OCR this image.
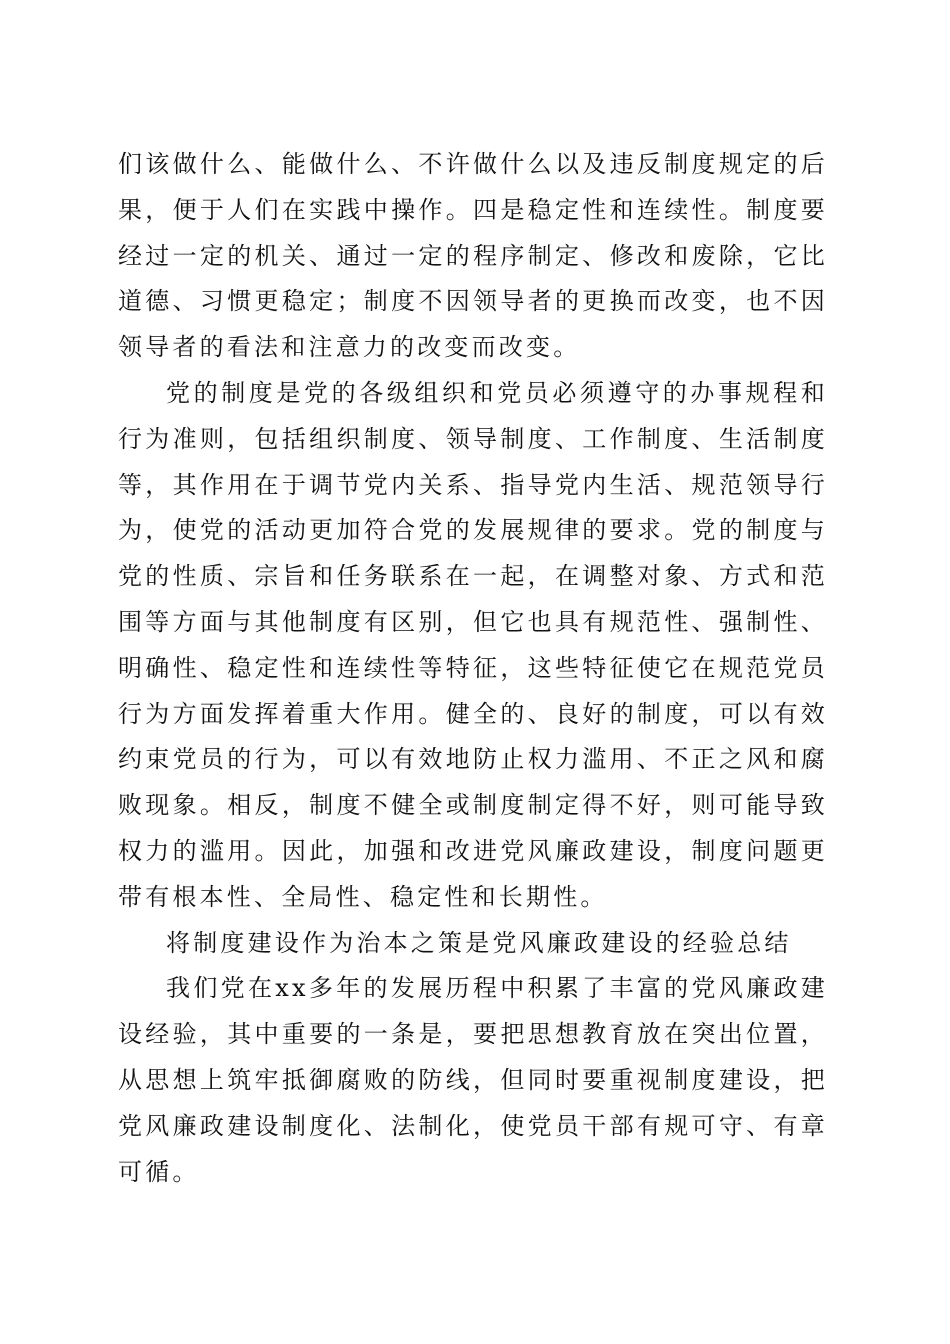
们该做什么、能做什么、不许做什么以及违反制度规定的后果，便于人们在实践中操作。四是稳定性和连续性。制度要经过一定的机关、通过一定的程序制定、修改和废除，它比道德、习惯更稳定；制度不因领导者的更换而改变，也不因领导者的看法和注意力的改变而改变。

党的制度是党的各级组织和党员必须遵守的办事规程和行为准则，包括组织制度、领导制度、工作制度、生活制度等，其作用在于调节党内关系、指导党内生活、规范领导行为，使党的活动更加符合党的发展规律的要求。党的制度与党的性质、宗旨和任务联系在一起，在调整对象、方式和范围等方面与其他制度有区别，但它也具有规范性、强制性、明确性、稳定性和连续性等特征，这些特征使它在规范党员行为方面发挥着重大作用。健全的、良好的制度，可以有效约束党员的行为，可以有效地防止权力滥用、不正之风和腐败现象。相反，制度不健全或制度制定得不好，则可能导致权力的滥用。因此，加强和改进党风廉政建设，制度问题更带有根本性、全局性、稳定性和长期性。

将制度建设作为治本之策是党风廉政建设的经验总结

我们党在xx多年的发展历程中积累了丰富的党风廉政建设经验，其中重要的一条是，要把思想教育放在突出位置，从思想上筑牢抵御腐败的防线，但同时要重视制度建设，把党风廉政建设制度化、法制化，使党员干部有规可守、有章可循。
